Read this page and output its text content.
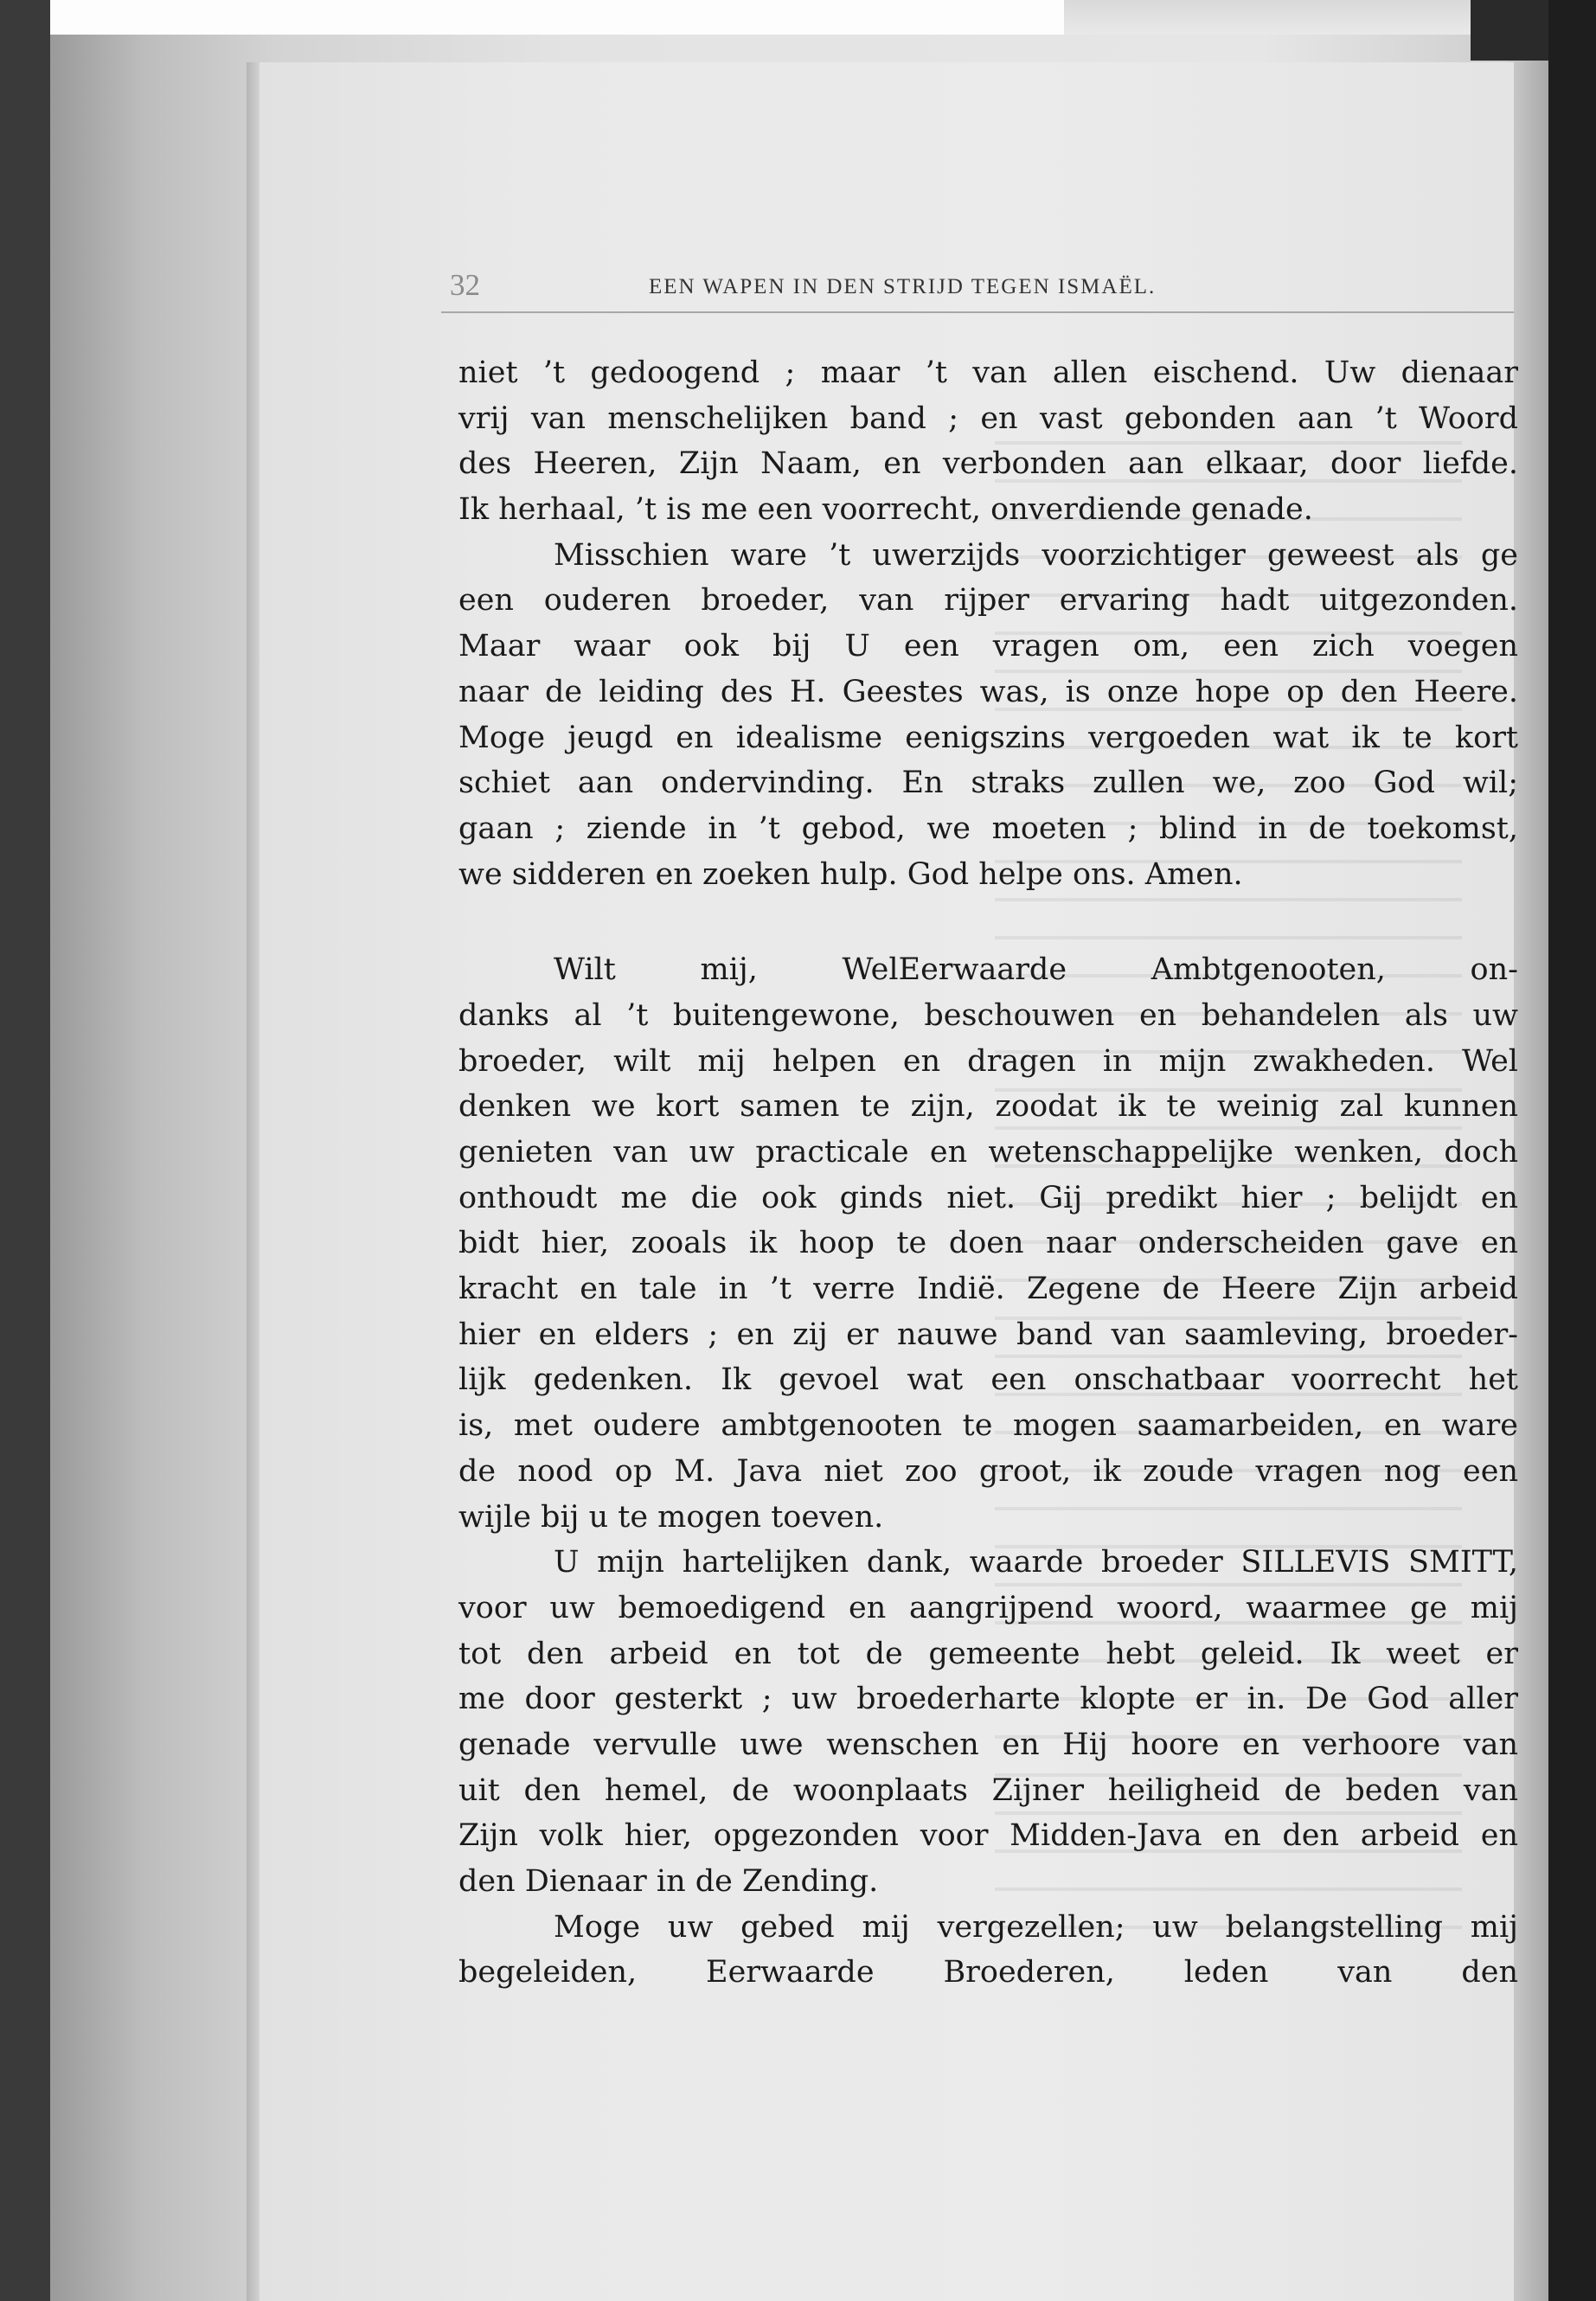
32	EEN WAPEN IN DEN STRIJD TEGEN ISMAËL.
niet ’t gedoogend ; maar ’t van allen eischend. Uw dienaar
vrij van menschelijken band ; en vast gebonden aan ’t Woord
des Heeren, Zijn Naam, en verbonden aan elkaar, door liefde.
Ik herhaal, ’t is me een voorrecht, onverdiende genade.
Misschien ware ’t uwerzijds voorzichtiger geweest als ge
een ouderen broeder, van rijper ervaring hadt uitgezonden.
Maar waar ook bij U een vragen om, een zich voegen
naar de leiding des H. Geestes was, is onze hope op den Heere.
Moge jeugd en idealisme eenigszins vergoeden wat ik te kort
schiet aan ondervinding. En straks zullen we, zoo God wil;
gaan ; ziende in ’t gebod, we moeten ; blind in de toekomst,
we sidderen en zoeken hulp. God helpe ons. Amen.
Wilt mij, WelEerwaarde Ambtgenooten, on-
danks al ’t buitengewone, beschouwen en behandelen als uw
broeder, wilt mij helpen en dragen in mijn zwakheden. Wel
denken we kort samen te zijn, zoodat ik te weinig zal kunnen
genieten van uw practicale en wetenschappelijke wenken, doch
onthoudt me die ook ginds niet. Gij predikt hier ; belijdt en
bidt hier, zooals ik hoop te doen naar onderscheiden gave en
kracht en tale in ’t verre Indië. Zegene de Heere Zijn arbeid
hier en elders ; en zij er nauwe band van saamleving, broeder-
lijk gedenken. Ik gevoel wat een onschatbaar voorrecht het
is, met oudere ambtgenooten te mogen saamarbeiden, en ware
de nood op M. Java niet zoo groot, ik zoude vragen nog een
wijle bij u te mogen toeven.
U mijn hartelijken dank, waarde broeder SILLEVIS SMITT,
voor uw bemoedigend en aangrijpend woord, waarmee ge mij
tot den arbeid en tot de gemeente hebt geleid. Ik weet er
me door gesterkt ; uw broederharte klopte er in. De God aller
genade vervulle uwe wenschen en Hij hoore en verhoore van
uit den hemel, de woonplaats Zijner heiligheid de beden van
Zijn volk hier, opgezonden voor Midden-Java en den arbeid en
den Dienaar in de Zending.
Moge uw gebed mij vergezellen; uw belangstelling mij
begeleiden, Eerwaarde Broederen, leden van den
